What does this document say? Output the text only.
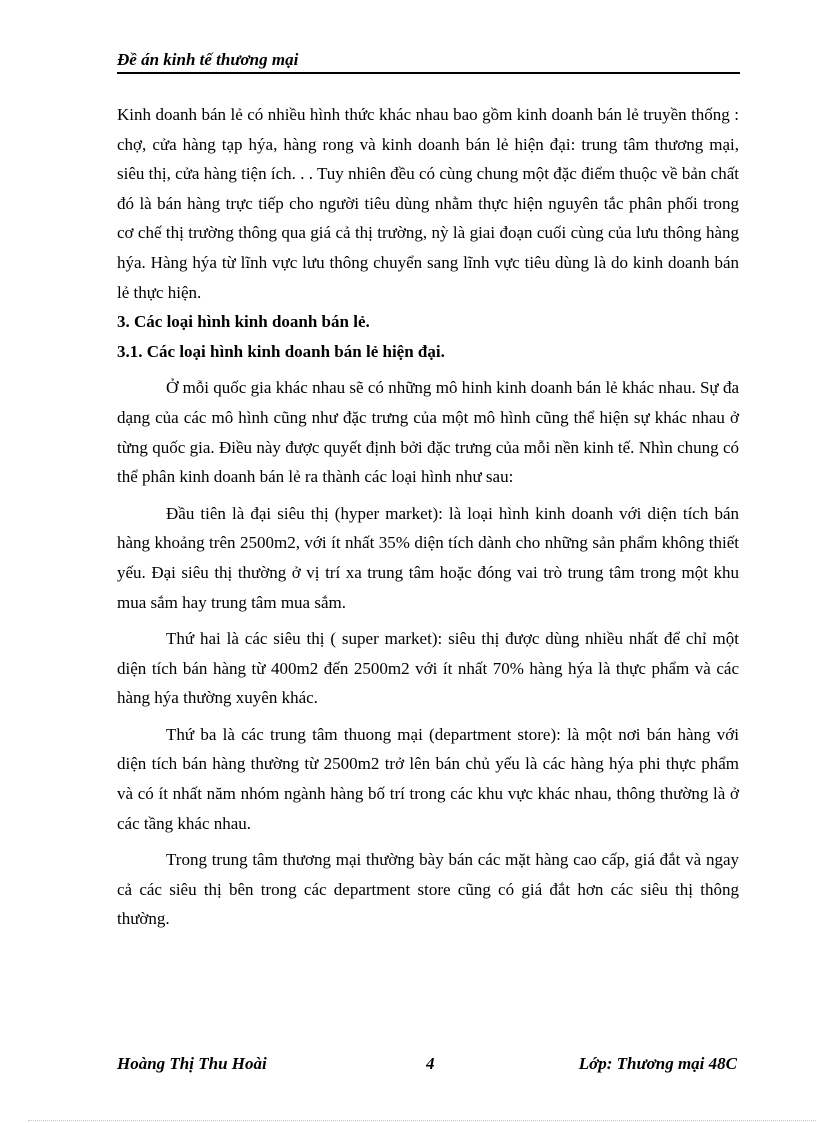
Đề án kinh tế thương mại

Kinh doanh bán lẻ có nhiều hình thức khác nhau bao gồm kinh doanh bán lẻ truyền thống : chợ, cửa hàng tạp hýa, hàng rong và kinh doanh bán lẻ hiện đại: trung tâm thương mại, siêu thị, cửa hàng tiện ích. . . Tuy nhiên đều có cùng chung một đặc điểm thuộc về bản chất đó là bán hàng trực tiếp cho người tiêu dùng nhằm thực hiện nguyên tắc phân phối trong cơ chế thị trường thông qua giá cả thị trường, nỳ là giai đoạn cuối cùng của lưu thông hàng hýa. Hàng hýa từ lĩnh vực lưu thông chuyển sang lĩnh vực tiêu dùng là do kinh doanh bán lẻ thực hiện.

3. Các loại hình kinh doanh bán lẻ.

3.1. Các loại hình kinh doanh bán lẻ hiện đại.

Ở mỗi quốc gia khác nhau sẽ có những mô hinh kinh doanh bán lẻ khác nhau. Sự đa dạng của các mô hình cũng như đặc trưng của một mô hình cũng thể hiện sự khác nhau ở từng quốc gia. Điều này được quyết định bởi đặc trưng của mỗi nền kinh tế. Nhìn chung có thể phân kinh doanh bán lẻ ra thành các loại hình như sau:

Đầu tiên là đại siêu thị (hyper market): là loại hình kinh doanh với diện tích bán hàng khoảng trên 2500m2, với ít nhất 35% diện tích dành cho những sản phẩm không thiết yếu. Đại siêu thị thường ở vị trí xa trung tâm hoặc đóng vai trò trung tâm trong một khu mua sắm hay trung tâm mua sắm.

Thứ hai là các siêu thị ( super market): siêu thị được dùng nhiều nhất để chỉ một diện tích bán hàng từ 400m2 đến 2500m2 với ít nhất 70% hàng hýa là thực phẩm và các hàng hýa thường xuyên khác.

Thứ ba là các trung tâm thuong mại (department store): là một nơi bán hàng với diện tích bán hàng thường từ 2500m2 trở lên bán chủ yếu là các hàng hýa phi thực phẩm và có ít nhất năm nhóm ngành hàng bố trí trong các khu vực khác nhau, thông thường là ở các tầng khác nhau.

Trong trung tâm thương mại thường bày bán các mặt hàng cao cấp, giá đắt và ngay cả các siêu thị bên trong các department store cũng có giá đắt hơn các siêu thị thông thường.

Hoàng Thị Thu Hoài	4	Lớp: Thương mại 48C
